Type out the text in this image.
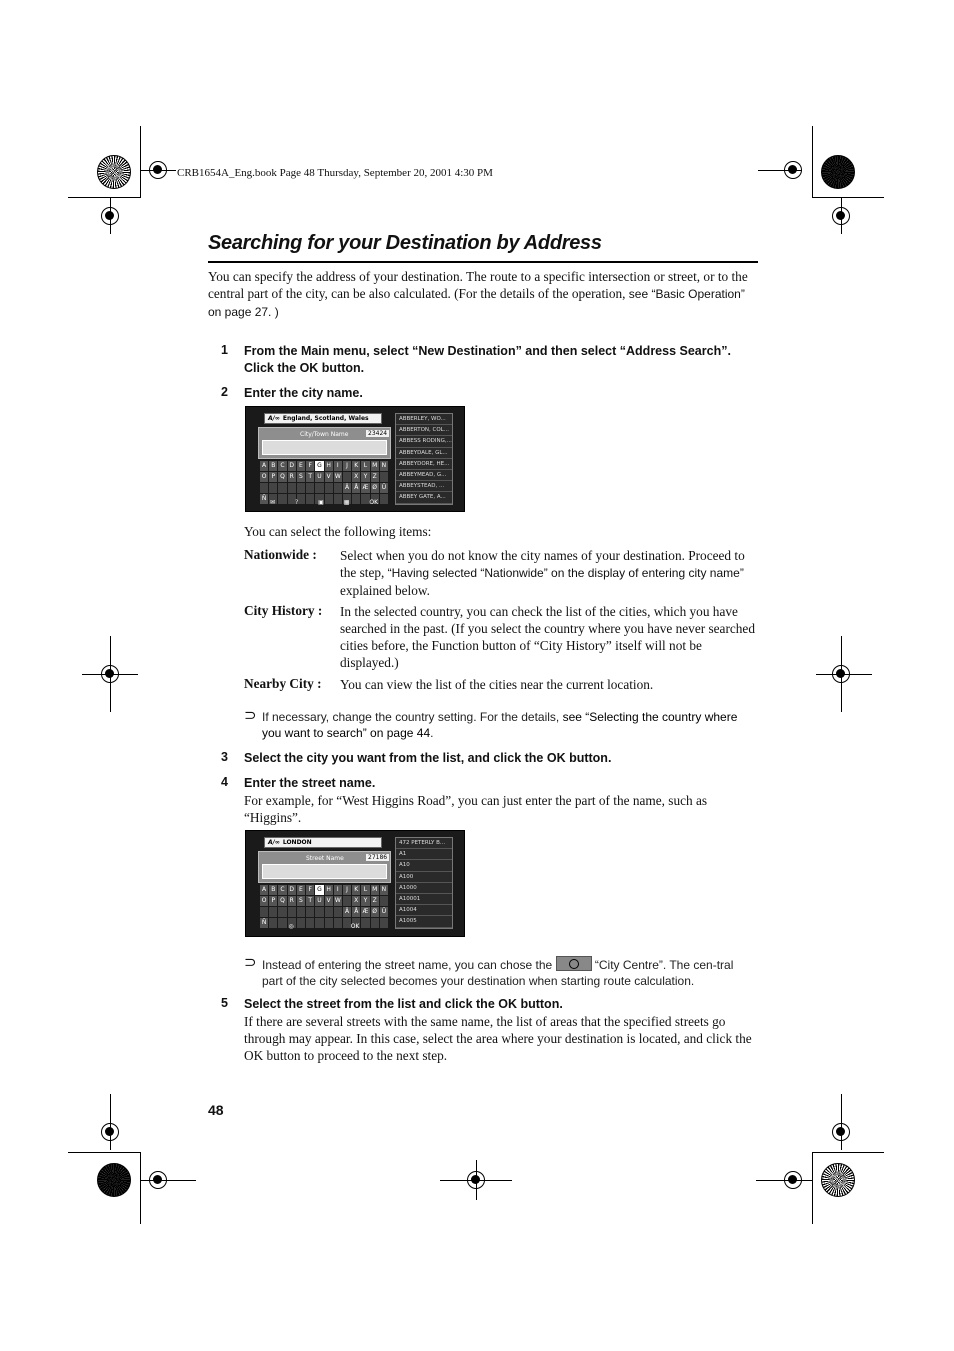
CRB1654A_Eng.book Page 48 Thursday, September 20, 2001 4:30 PM
Searching for your Destination by Address
You can specify the address of your destination. The route to a specific intersection or street, or to the central part of the city, can be also calculated. (For the details of the operation, see “Basic Operation” on page 27. )
1 From the Main menu, select “New Destination” and then select “Address Search”. Click the OK button.
2 Enter the city name.
A/∞ England, Scotland, Wales
City/Town Name	23424
A B C D E F G H	I	J	K L M N
O P Q R S T U V W	X Y Z
Ä Å Æ Ø Ü
Ñ
✉	?	▣	▦	OK
ABBERLEY, WO...
ABBERTON, COL...
ABBESS RODING,...
ABBEYDALE, GL...
ABBEYDORE, HE...
ABBEYMEAD, G...
ABBEYSTEAD, ...
ABBEY GATE, A...
You can select the following items:
Nationwide : Select when you do not know the city names of your destination. Proceed to the step, “Having selected “Nationwide” on the display of entering city name” explained below.
City History : In the selected country, you can check the list of the cities, which you have searched in the past. (If you select the country where you have never searched cities before, the Function button of “City History” itself will not be displayed.)
Nearby City : You can view the list of the cities near the current location.
⊃ If necessary, change the country setting. For the details, see “Selecting the country where you want to search” on page 44.
3 Select the city you want from the list, and click the OK button.
4 Enter the street name.
For example, for “West Higgins Road”, you can just enter the part of the name, such as “Higgins”.
A/∞ LONDON
Street Name	27186
A B C D E F G H	I	J	K L M N
O P Q R S T U V W	X Y Z
Ä Å Æ Ø Ü
Ñ
◎	OK
472 PETERLY B...
A1
A10
A100
A1000
A10001
A1004
A1005
⊃ Instead of entering the street name, you can chose the	“City Centre”. The cen-tral part of the city selected becomes your destination when starting route calculation.
5 Select the street from the list and click the OK button.
If there are several streets with the same name, the list of areas that the specified streets go through may appear. In this case, select the area where your destination is located, and click the OK button to proceed to the next step.
48
